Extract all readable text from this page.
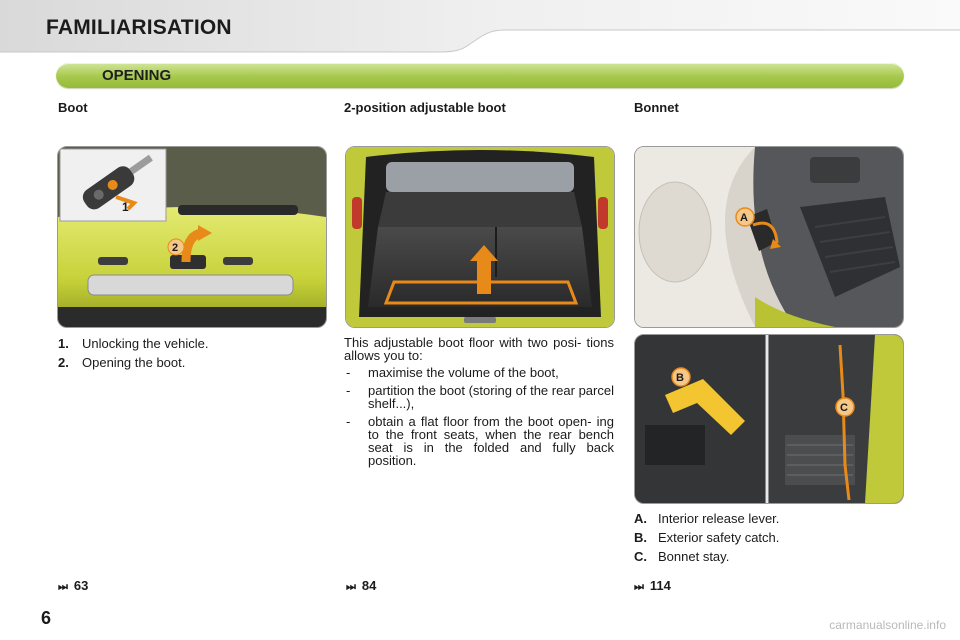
FAMILIARISATION
OPENING
Boot	2-position adjustable boot	Bonnet
1
2
A
B
C
1.	Unlocking the vehicle.
2.	Opening the boot.

This adjustable boot floor with two posi- tions allows you to:

- maximise the volume of the boot,
- partition the boot (storing of the rear parcel shelf...),
- obtain a flat floor from the boot open- ing to the front seats, when the rear bench seat is in the folded and fully back position.
A. Interior release lever.
B. Exterior safety catch.
C. Bonnet stay.
⏭ 63	⏭ 84	⏭ 114
6	carmanualsonline.info
